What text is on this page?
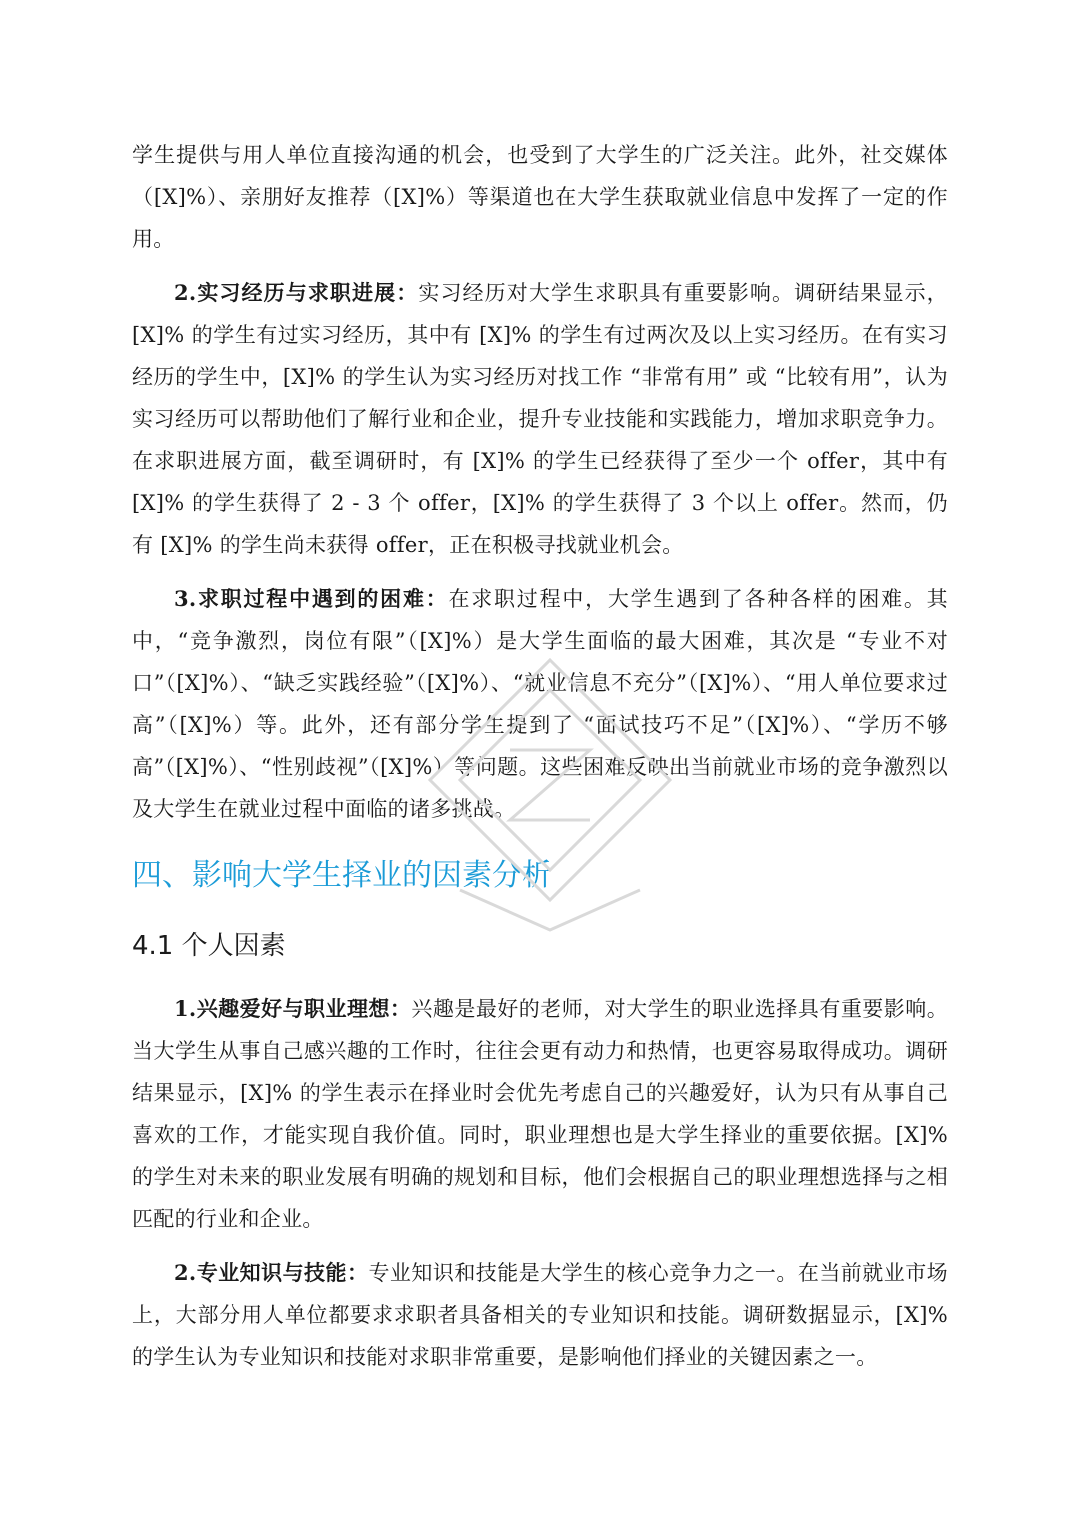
学生提供与用人单位直接沟通的机会，也受到了大学生的广泛关注。此外，社交媒体（[X]%）、亲朋好友推荐（[X]%）等渠道也在大学生获取就业信息中发挥了一定的作用。

2.实习经历与求职进展：实习经历对大学生求职具有重要影响。调研结果显示，[X]% 的学生有过实习经历，其中有 [X]% 的学生有过两次及以上实习经历。在有实习经历的学生中，[X]% 的学生认为实习经历对找工作 “非常有用” 或 “比较有用”，认为实习经历可以帮助他们了解行业和企业，提升专业技能和实践能力，增加求职竞争力。在求职进展方面，截至调研时，有 [X]% 的学生已经获得了至少一个 offer，其中有 [X]% 的学生获得了 2 - 3 个 offer，[X]% 的学生获得了 3 个以上 offer。然而，仍有 [X]% 的学生尚未获得 offer，正在积极寻找就业机会。

3.求职过程中遇到的困难：在求职过程中，大学生遇到了各种各样的困难。其中，“竞争激烈，岗位有限”（[X]%）是大学生面临的最大困难，其次是 “专业不对口”（[X]%）、“缺乏实践经验”（[X]%）、“就业信息不充分”（[X]%）、“用人单位要求过高”（[X]%）等。此外，还有部分学生提到了 “面试技巧不足”（[X]%）、“学历不够高”（[X]%）、“性别歧视”（[X]%）等问题。这些困难反映出当前就业市场的竞争激烈以及大学生在就业过程中面临的诸多挑战。

四、影响大学生择业的因素分析
4.1 个人因素

1.兴趣爱好与职业理想：兴趣是最好的老师，对大学生的职业选择具有重要影响。当大学生从事自己感兴趣的工作时，往往会更有动力和热情，也更容易取得成功。调研结果显示，[X]% 的学生表示在择业时会优先考虑自己的兴趣爱好，认为只有从事自己喜欢的工作，才能实现自我价值。同时，职业理想也是大学生择业的重要依据。[X]% 的学生对未来的职业发展有明确的规划和目标，他们会根据自己的职业理想选择与之相匹配的行业和企业。

2.专业知识与技能：专业知识和技能是大学生的核心竞争力之一。在当前就业市场上，大部分用人单位都要求求职者具备相关的专业知识和技能。调研数据显示，[X]% 的学生认为专业知识和技能对求职非常重要，是影响他们择业的关键因素之一。
